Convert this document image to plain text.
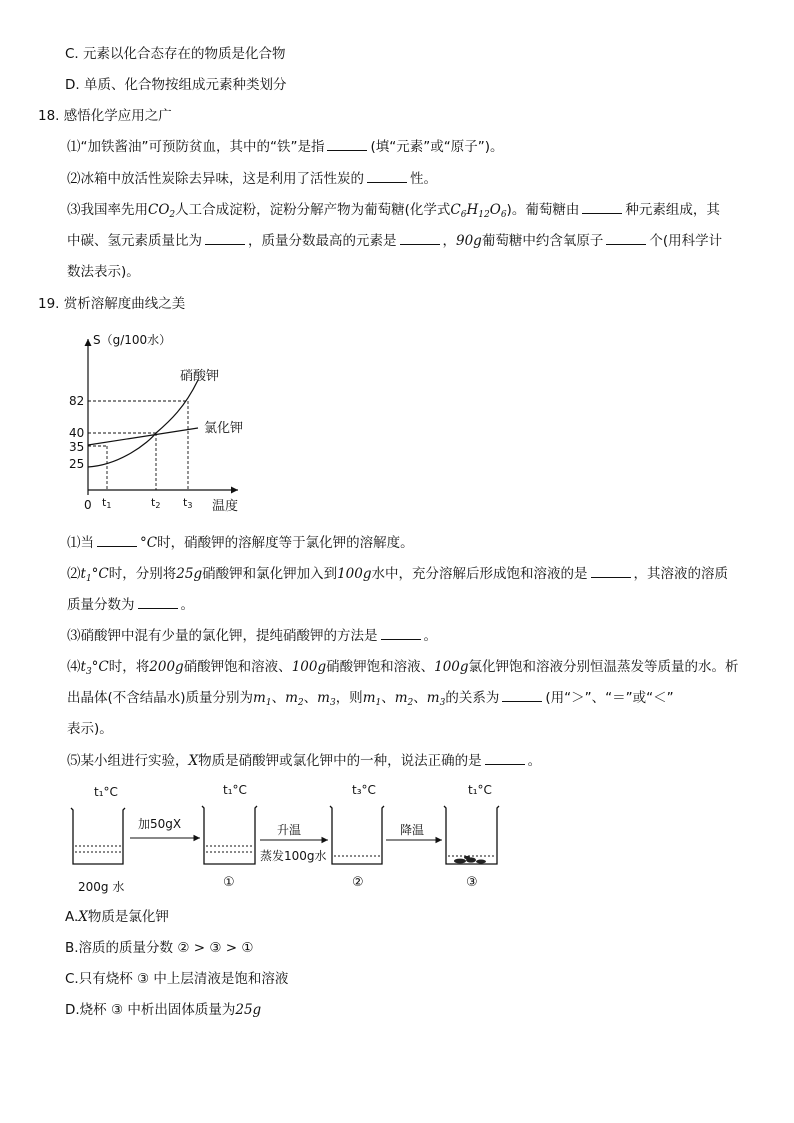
C. 元素以化合态存在的物质是化合物
D. 单质、化合物按组成元素种类划分
18. 感悟化学应用之广
⑴“加铁酱油”可预防贫血，其中的“铁”是指	(填“元素”或“原子”)。
⑵冰箱中放活性炭除去异味，这是利用了活性炭的	性。
⑶我国率先用$CO_2$人工合成淀粉，淀粉分解产物为葡萄糖(化学式$C_6H_{12}O_6$)。葡萄糖由	种元素组成，其
中碳、氢元素质量比为	，质量分数最高的元素是	，90g葡萄糖中约含氧原子	个(用科学计
数法表示)。
19. 赏析溶解度曲线之美
S（g/100水）
温度
0
硝酸钾
氯化钾
82
40
35
25
t1	t2 t3
⑴当	°C时，硝酸钾的溶解度等于氯化钾的溶解度。
$⑵t_1^\circ C$时，分别将25g硝酸钾和氯化钾加入到100g水中，充分溶解后形成饱和溶液的是	，其溶液的溶质
质量分数为	。
⑶硝酸钾中混有少量的氯化钾，提纯硝酸钾的方法是	。
$⑷t_3^\circ C$时，将200g硝酸钾饱和溶液、100g硝酸钾饱和溶液、100g氯化钾饱和溶液分别恒温蒸发等质量的水。析
出晶体(不含结晶水)质量分别为$m_1$、$m_2$、$m_3$，则$m_1$、$m_2$、$m_3$的关系为	(用“＞”、“＝”或“＜”
表示)。
⑸某小组进行实验，X物质是硝酸钾或氯化钾中的一种，说法正确的是	。
t₁°C	t₁°C	t₃°C	t₁°C
200g 水
加50gX
①
升温
蒸发100g水
②
降温
③
A.X物质是氯化钾
B.溶质的质量分数 ② > ③ > ①
C.只有烧杯 ③ 中上层清液是饱和溶液
D.烧杯 ③ 中析出固体质量为25g
